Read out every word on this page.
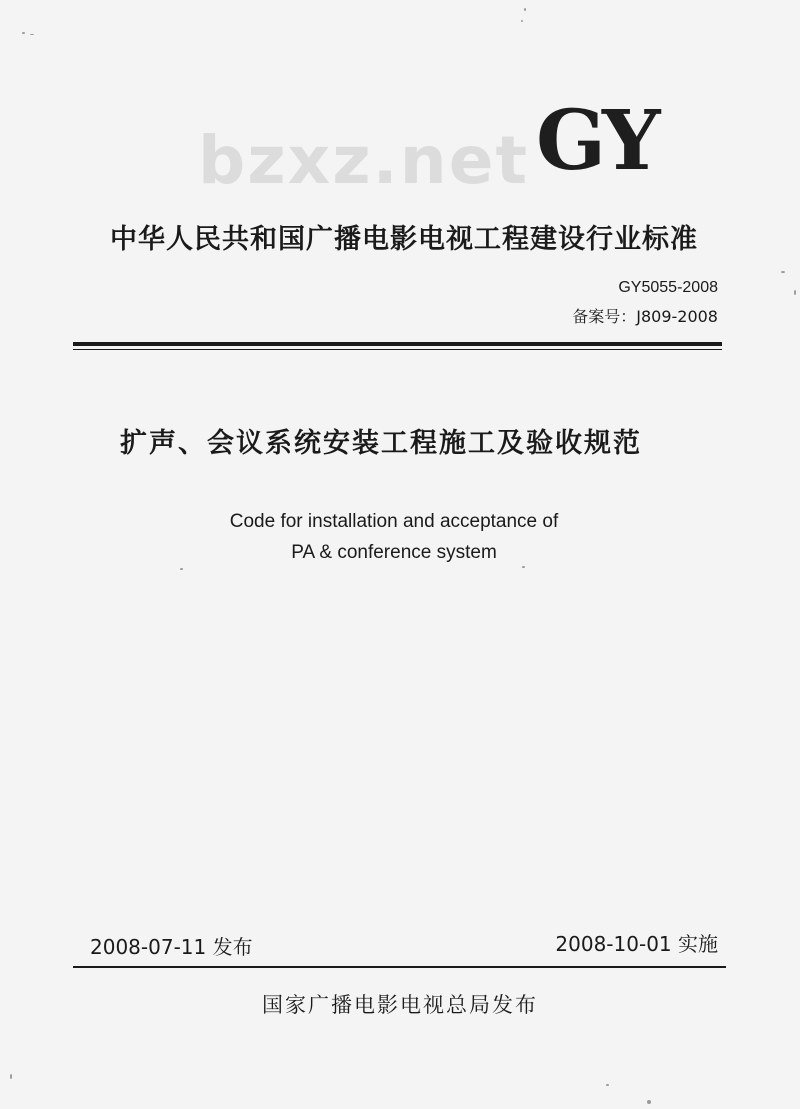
bzxz.net GY
中华人民共和国广播电影电视工程建设行业标准
GY5055-2008
备案号：J809-2008
扩声、会议系统安装工程施工及验收规范
Code for installation and acceptance of
PA & conference system
2008-07-11 发布	2008-10-01 实施
国家广播电影电视总局发布
